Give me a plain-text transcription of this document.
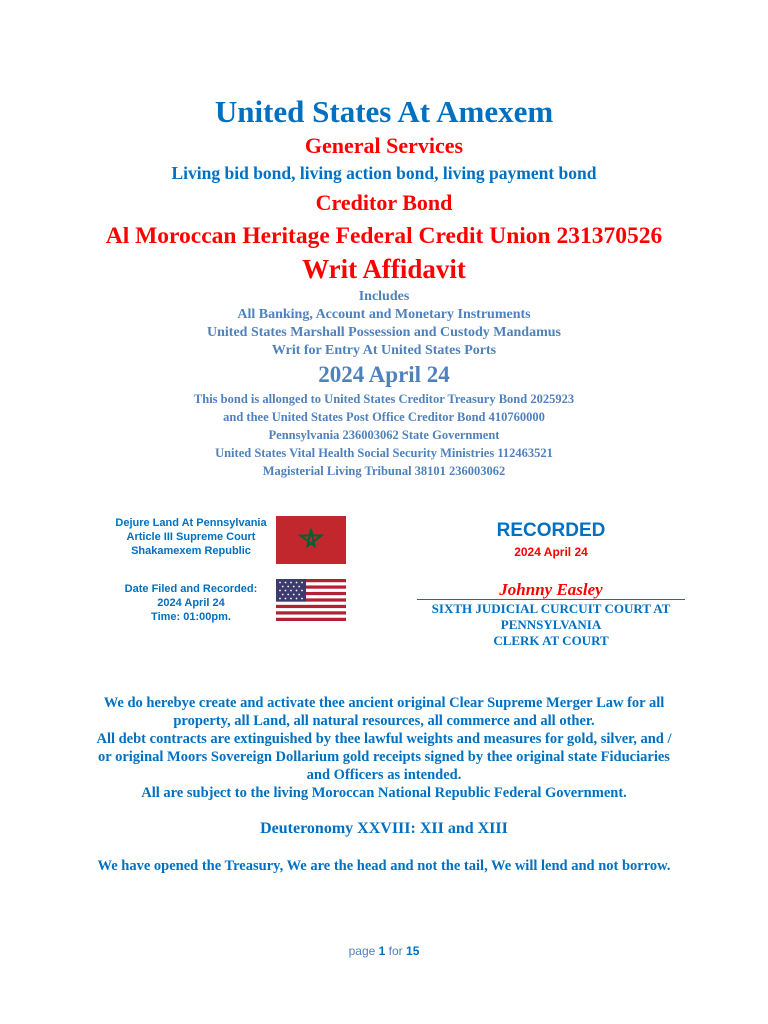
United States At Amexem
General Services
Living bid bond, living action bond, living payment bond
Creditor Bond
Al Moroccan Heritage Federal Credit Union 231370526
Writ Affidavit
Includes
All Banking, Account and Monetary Instruments
United States Marshall Possession and Custody Mandamus
Writ for Entry At United States Ports
2024 April 24
This bond is allonged to United States Creditor Treasury Bond 2025923
and thee United States Post Office Creditor Bond 410760000
Pennsylvania 236003062 State Government
United States Vital Health Social Security Ministries 112463521
Magisterial Living Tribunal 38101 236003062
Dejure Land At Pennsylvania
Article III Supreme Court
Shakamexem Republic
Date Filed and Recorded:
2024 April 24
Time: 01:00pm.
RECORDED
2024 April 24
Johnny Easley
SIXTH JUDICIAL CURCUIT COURT AT
PENNSYLVANIA
CLERK AT COURT
We do herebye create and activate thee ancient original Clear Supreme Merger Law for all
property, all Land, all natural resources, all commerce and all other.
All debt contracts are extinguished by thee lawful weights and measures for gold, silver, and /
or original Moors Sovereign Dollarium gold receipts signed by thee original state Fiduciaries
and Officers as intended.
All are subject to the living Moroccan National Republic Federal Government.
Deuteronomy XXVIII: XII and XIII
We have opened the Treasury, We are the head and not the tail, We will lend and not borrow.
page 1 for 15
